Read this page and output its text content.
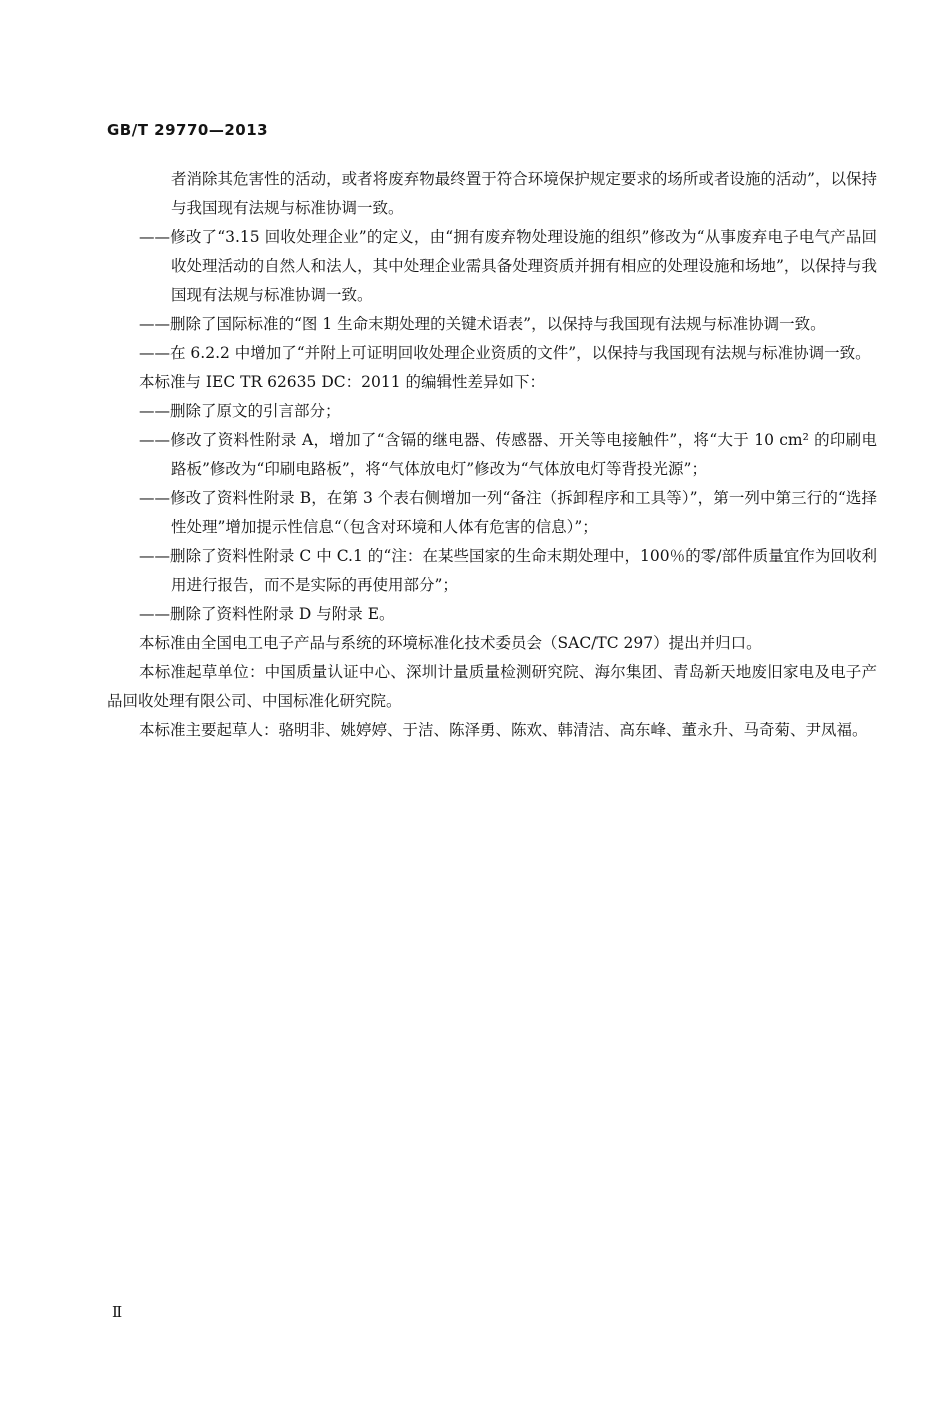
GB/T 29770—2013

者消除其危害性的活动，或者将废弃物最终置于符合环境保护规定要求的场所或者设施的活动”，以保持与我国现有法规与标准协调一致。

——修改了“3.15 回收处理企业”的定义，由“拥有废弃物处理设施的组织”修改为“从事废弃电子电气产品回收处理活动的自然人和法人，其中处理企业需具备处理资质并拥有相应的处理设施和场地”，以保持与我国现有法规与标准协调一致。

——删除了国际标准的“图 1 生命末期处理的关键术语表”，以保持与我国现有法规与标准协调一致。

——在 6.2.2 中增加了“并附上可证明回收处理企业资质的文件”，以保持与我国现有法规与标准协调一致。

本标准与 IEC TR 62635 DC：2011 的编辑性差异如下：

——删除了原文的引言部分；

——修改了资料性附录 A，增加了“含镉的继电器、传感器、开关等电接触件”，将“大于 10 cm² 的印刷电路板”修改为“印刷电路板”，将“气体放电灯”修改为“气体放电灯等背投光源”；

——修改了资料性附录 B，在第 3 个表右侧增加一列“备注（拆卸程序和工具等）”，第一列中第三行的“选择性处理”增加提示性信息“（包含对环境和人体有危害的信息）”；

——删除了资料性附录 C 中 C.1 的“注：在某些国家的生命末期处理中，100％的零/部件质量宜作为回收利用进行报告，而不是实际的再使用部分”；

——删除了资料性附录 D 与附录 E。

本标准由全国电工电子产品与系统的环境标准化技术委员会（SAC/TC 297）提出并归口。

本标准起草单位：中国质量认证中心、深圳计量质量检测研究院、海尔集团、青岛新天地废旧家电及电子产品回收处理有限公司、中国标准化研究院。

本标准主要起草人：骆明非、姚婷婷、于洁、陈泽勇、陈欢、韩清洁、高东峰、董永升、马奇菊、尹凤福。

Ⅱ
